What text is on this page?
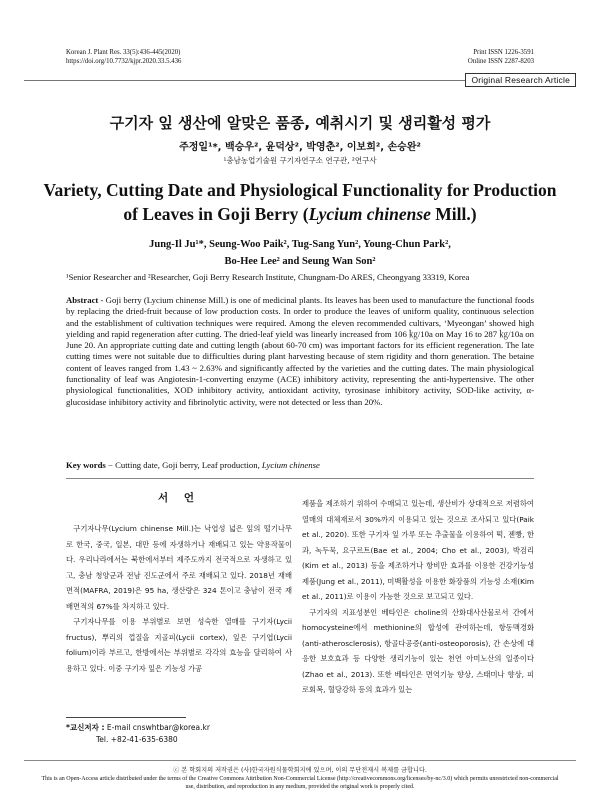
Korean J. Plant Res. 33(5):436-445(2020)
https://doi.org/10.7732/kjpr.2020.33.5.436
Print ISSN 1226-3591
Online ISSN 2287-8203
Original Research Article
구기자 잎 생산에 알맞은 품종, 예취시기 및 생리활성 평가
주정일¹*, 백승우², 윤덕상², 박영춘², 이보희², 손승완²
¹충남농업기술원 구기자연구소 연구관, ²연구사
Variety, Cutting Date and Physiological Functionality for Production of Leaves in Goji Berry (Lycium chinense Mill.)
Jung-Il Ju¹*, Seung-Woo Paik², Tug-Sang Yun², Young-Chun Park²,
Bo-Hee Lee² and Seung Wan Son²
¹Senior Researcher and ²Researcher, Goji Berry Research Institute, Chungnam-Do ARES, Cheongyang 33319, Korea
Abstract - Goji berry (Lycium chinense Mill.) is one of medicinal plants. Its leaves has been used to manufacture the functional foods by replacing the dried-fruit because of low production costs. In order to produce the leaves of uniform quality, continuous selection and the establishment of cultivation techniques were required. Among the eleven recommended cultivars, ‘Myeongan’ showed high yielding and rapid regeneration after cutting. The dried-leaf yield was linearly increased from 106 ㎏/10a on May 16 to 287 ㎏/10a on June 20. An appropriate cutting date and cutting length (about 60-70 cm) was important factors for its efficient regeneration. The late cutting times were not suitable due to difficulties during plant harvesting because of stem rigidity and thorn generation. The betaine content of leaves ranged from 1.43 ~ 2.63% and significantly affected by the varieties and the cutting dates. The main physiological functionality of leaf was Angiotesin-1-converting enzyme (ACE) inhibitory activity, representing the anti-hypertensive. The other physiological functionalities, XOD inhibitory activity, antioxidant activity, tyrosinase inhibitory activity, SOD-like activity, α-glucosidase inhibitory activity and fibrinolytic activity, were not detected or less than 20%.
Key words − Cutting date, Goji berry, Leaf production, Lycium chinense
서 언

구기자나무(Lycium chinense Mill.)는 낙엽성 넓은 잎의 떨기나무로 한국, 중국, 일본, 대만 등에 자생하거나 재배되고 있는 약용작물이다. 우리나라에서는 북한에서부터 제주도까지 전국적으로 자생하고 있고, 충남 청양군과 전남 진도군에서 주로 재배되고 있다. 2018년 재배면적(MAFRA, 2019)은 95 ha, 생산량은 324 톤이고 충남이 전국 재배면적의 67%를 차지하고 있다.

구기자나무를 이용 부위별로 보면 성숙한 열매를 구기자(Lycii fructus), 뿌리의 껍질을 지골피(Lycii cortex), 잎은 구기엽(Lycii folium)이라 부르고, 한방에서는 부위별로 각각의 효능을 달리하여 사용하고 있다. 이중 구기자 잎은 기능성 가공

제품을 제조하기 위하여 수매되고 있는데, 생산비가 상대적으로 저렴하여 열매의 대체재로서 30%까지 이용되고 있는 것으로 조사되고 있다(Paik et al., 2020). 또한 구기자 잎 가루 또는 추출물을 이용하여 떡, 젠빵, 한과, 녹두묵, 요구르트(Bae et al., 2004; Cho et al., 2003), 박검리(Kim et al., 2013) 등을 제조하거나 항비만 효과를 이용한 건강기능성 제품(Jung et al., 2011), 미백활성을 이용한 화장품의 기능성 소재(Kim et al., 2011)로 이용이 가능한 것으로 보고되고 있다.

구기자의 지표성분인 베타인은 choline의 산화대사산물로서 간에서 homocysteine에서 methionine의 합성에 관여하는데, 항동맥경화(anti-atherosclerosis), 항골다공증(anti-osteoporosis), 간 손상에 대응한 보호효과 등 다양한 생리기능이 있는 천연 아미노산의 일종이다(Zhao et al., 2013). 또한 베타인은 면역기능 향상, 스태미나 향상, 피로회복, 혈당강하 등의 효과가 있는

*교신저자 : E-mail cnswhtbar@korea.kr
Tel. +82-41-635-6380
ⓒ 본 학회지의 저작권은 (사)한국자원식물학회지에 있으며, 이의 무단전재시 복제를 금합니다.
This is an Open-Access article distributed under the terms of the Creative Commons Attribution Non-Commercial License (http://creativecommons.org/licenses/by-nc/3.0) which permits unrestricted non-commercial use, distribution, and reproduction in any medium, provided the original work is properly cited.
